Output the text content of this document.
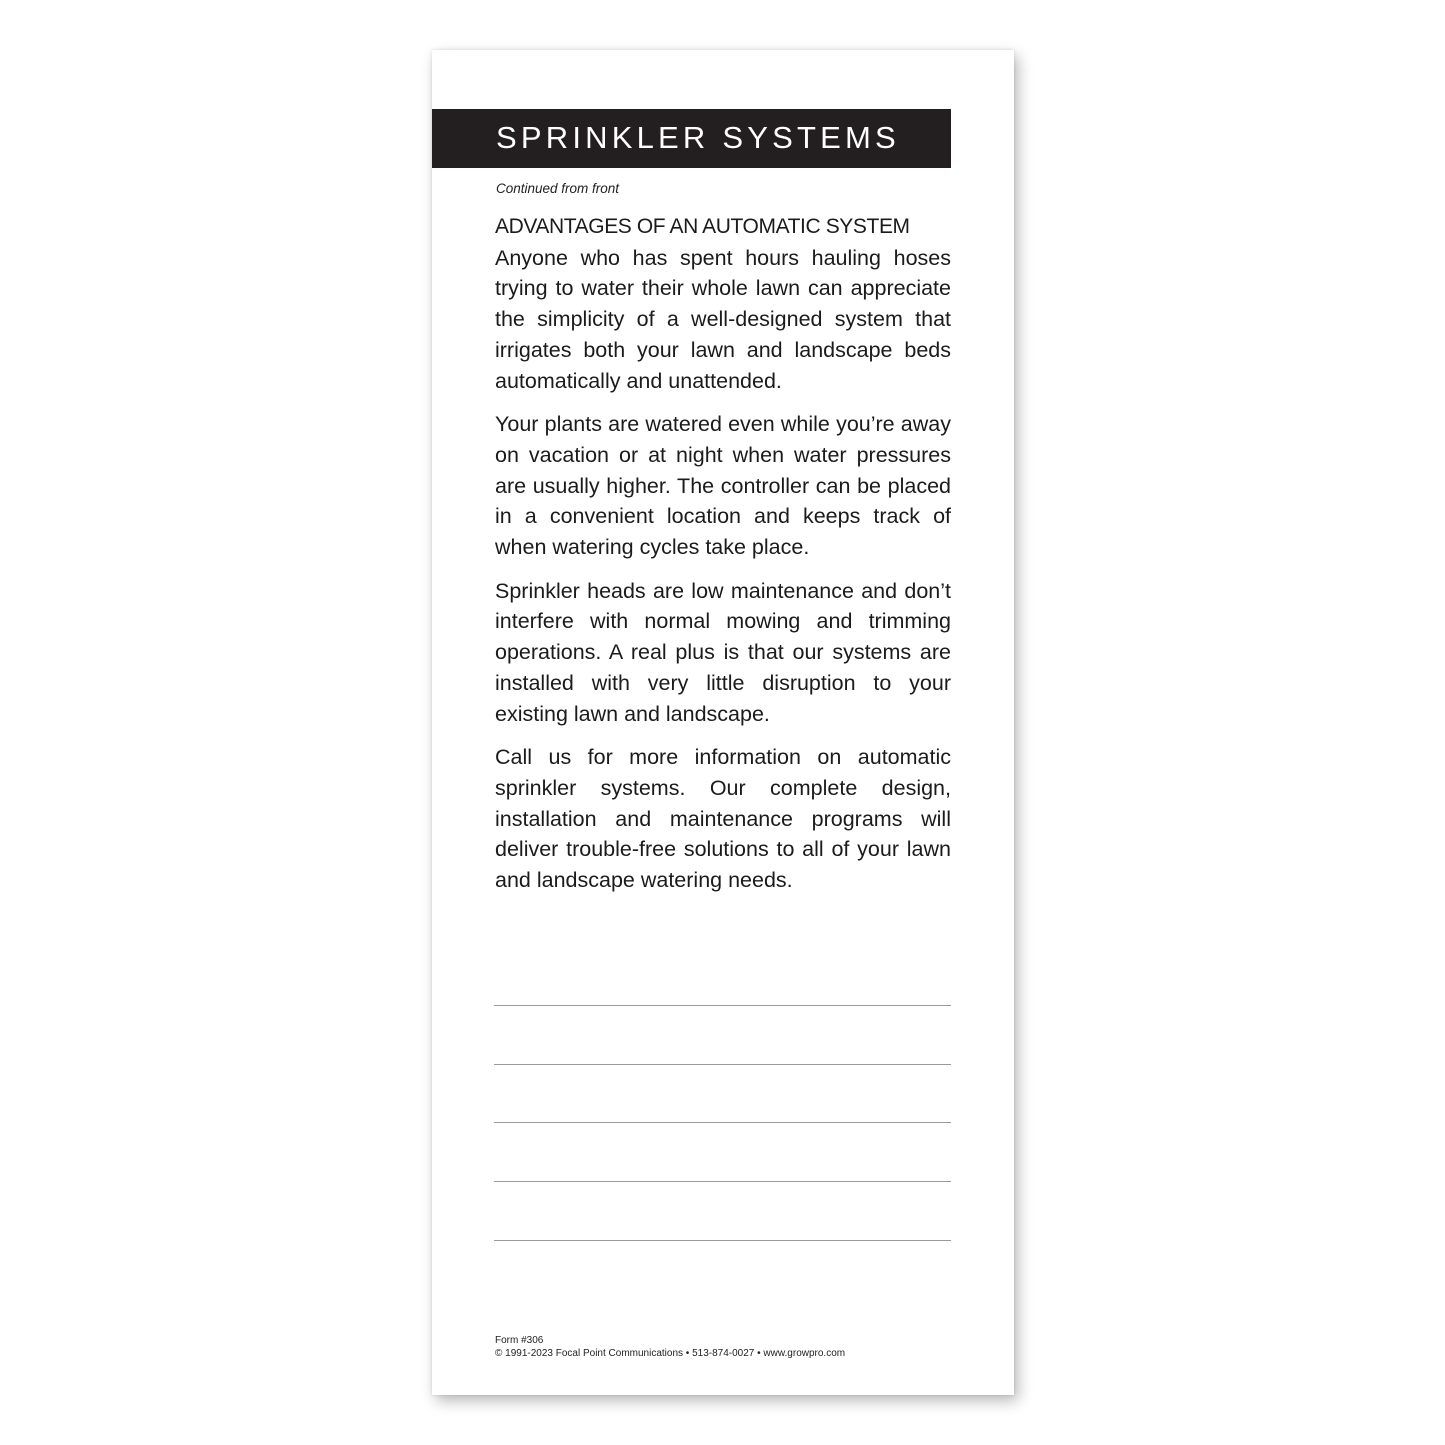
SPRINKLER SYSTEMS
Continued from front
ADVANTAGES OF AN AUTOMATIC SYSTEM

Anyone who has spent hours hauling hoses trying to water their whole lawn can appreciate the simplicity of a well-designed system that irrigates both your lawn and landscape beds automatically and unattended.

Your plants are watered even while you’re away on vacation or at night when water pressures are usually higher. The controller can be placed in a convenient location and keeps track of when watering cycles take place.

Sprinkler heads are low maintenance and don’t interfere with normal mowing and trimming operations. A real plus is that our systems are installed with very little disruption to your existing lawn and landscape.

Call us for more information on automatic sprinkler systems. Our complete design, installation and maintenance programs will deliver trouble-free solutions to all of your lawn and landscape watering needs.

Form #306
© 1991-2023 Focal Point Communications • 513-874-0027 • www.growpro.com
